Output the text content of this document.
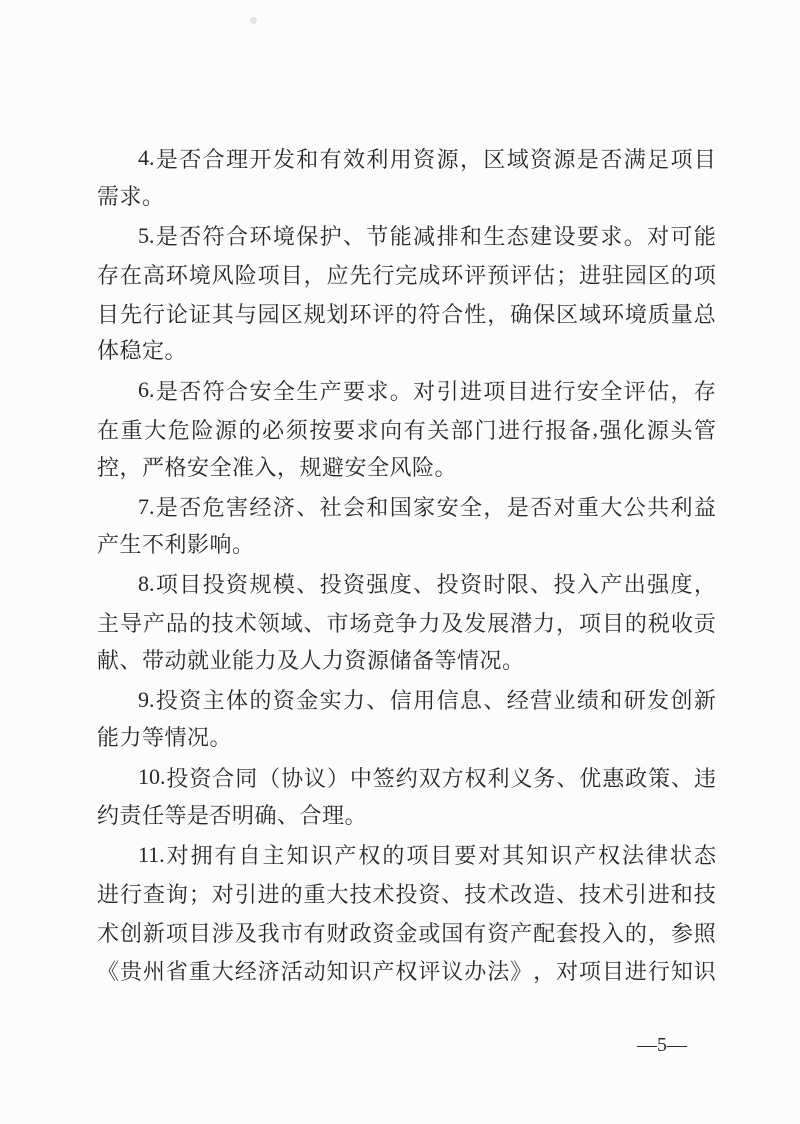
4. 是 否 合 理 开 发 和 有 效 利 用 资 源 ， 区 域 资 源 是 否 满 足 项 目
需求。
5. 是 否 符 合 环 境 保 护 、 节 能 减 排 和 生 态 建 设 要 求 。 对 可 能
存 在 高 环 境 风 险 项 目 ， 应 先 行 完 成 环 评 预 评 估 ； 进 驻 园 区 的 项
目 先 行 论 证 其 与 园 区 规 划 环 评 的 符 合 性 ， 确 保 区 域 环 境 质 量 总
体稳定。
6. 是 否 符 合 安 全 生 产 要 求 。 对 引 进 项 目 进 行 安 全 评 估 ， 存
在 重 大 危 险 源 的 必 须 按 要 求 向 有 关 部 门 进 行 报 备 , 强 化 源 头 管
控，严格安全准入，规避安全风险。
7. 是 否 危 害 经 济 、 社 会 和 国 家 安 全 ， 是 否 对 重 大 公 共 利 益
产生不利影响。
8. 项 目 投 资 规 模 、 投 资 强 度 、 投 资 时 限 、 投 入 产 出 强 度 ，
主 导 产 品 的 技 术 领 域 、 市 场 竞 争 力 及 发 展 潜 力 ， 项 目 的 税 收 贡
献、带动就业能力及人力资源储备等情况。
9. 投 资 主 体 的 资 金 实 力 、 信 用 信 息 、 经 营 业 绩 和 研 发 创 新
能力等情况。
10. 投 资 合 同 （ 协 议 ） 中 签 约 双 方 权 利 义 务 、 优 惠 政 策 、 违
约责任等是否明确、合理。
11. 对 拥 有 自 主 知 识 产 权 的 项 目 要 对 其 知 识 产 权 法 律 状 态
进 行 查 询 ； 对 引 进 的 重 大 技 术 投 资 、 技 术 改 造 、 技 术 引 进 和 技
术 创 新 项 目 涉 及 我 市 有 财 政 资 金 或 国 有 资 产 配 套 投 入 的 ， 参 照
《 贵 州 省 重 大 经 济 活 动 知 识 产 权 评 议 办 法 》 ， 对 项 目 进 行 知 识
—5—
